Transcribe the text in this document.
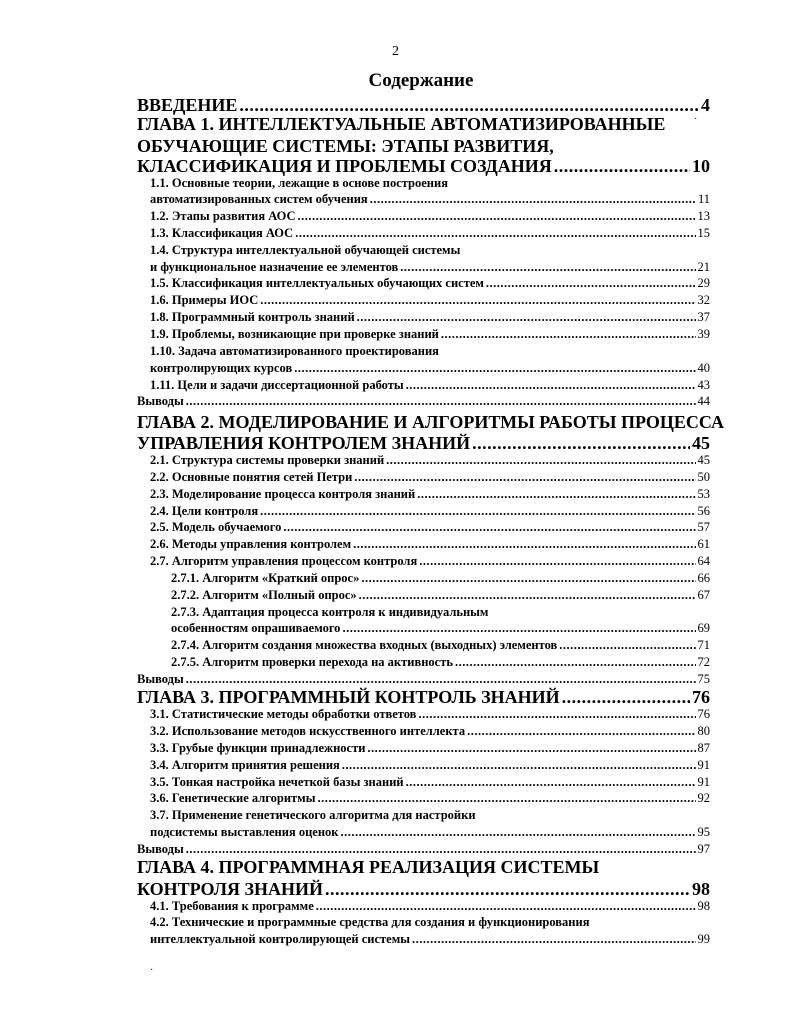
2
Содержание
·
·
ВВЕДЕНИЕ .....	4
ГЛАВА 1. ИНТЕЛЛЕКТУАЛЬНЫЕ АВТОМАТИЗИРОВАННЫЕ
ОБУЧАЮЩИЕ СИСТЕМЫ: ЭТАПЫ РАЗВИТИЯ,
КЛАССИФИКАЦИЯ И ПРОБЛЕМЫ СОЗДАНИЯ .....	10
1.1. Основные теории, лежащие в основе построения
автоматизированных систем обучения .....	11
1.2. Этапы развития АОС .....	13
1.3. Классификация АОС .....	15
1.4. Структура интеллектуальной обучающей системы
и функциональное назначение ее элементов .....	21
1.5. Классификация интеллектуальных обучающих систем .....	29
1.6. Примеры ИОС .....	32
1.8. Программный контроль знаний .....	37
1.9. Проблемы, возникающие при проверке знаний .....	39
1.10. Задача автоматизированного проектирования
контролирующих курсов .....	40
1.11. Цели и задачи диссертационной работы .....	43
Выводы .....	44
ГЛАВА 2. МОДЕЛИРОВАНИЕ И АЛГОРИТМЫ РАБОТЫ ПРОЦЕССА
УПРАВЛЕНИЯ КОНТРОЛЕМ ЗНАНИЙ .....	45
2.1. Структура системы проверки знаний .....	45
2.2. Основные понятия сетей Петри .....	50
2.3. Моделирование процесса контроля знаний .....	53
2.4. Цели контроля .....	56
2.5. Модель обучаемого .....	57
2.6. Методы управления контролем .....	61
2.7. Алгоритм управления процессом контроля .....	64
2.7.1. Алгоритм «Краткий опрос» .....	66
2.7.2. Алгоритм «Полный опрос» .....	67
2.7.3. Адаптация процесса контроля к индивидуальным
особенностям опрашиваемого .....	69
2.7.4. Алгоритм создания множества входных (выходных) элементов .....	71
2.7.5. Алгоритм проверки перехода на активность .....	72
Выводы .....	75
ГЛАВА 3. ПРОГРАММНЫЙ КОНТРОЛЬ ЗНАНИЙ .....	76
3.1. Статистические методы обработки ответов .....	76
3.2. Использование методов искусственного интеллекта .....	80
3.3. Грубые функции принадлежности .....	87
3.4. Алгоритм принятия решения .....	91
3.5. Тонкая настройка нечеткой базы знаний .....	91
3.6. Генетические алгоритмы .....	92
3.7. Применение генетического алгоритма для настройки
подсистемы выставления оценок .....	95
Выводы .....	97
ГЛАВА 4. ПРОГРАММНАЯ РЕАЛИЗАЦИЯ СИСТЕМЫ
КОНТРОЛЯ ЗНАНИЙ .....	98
4.1. Требования к программе .....	98
4.2. Технические и программные средства для создания и функционирования
интеллектуальной контролирующей системы .....	99
